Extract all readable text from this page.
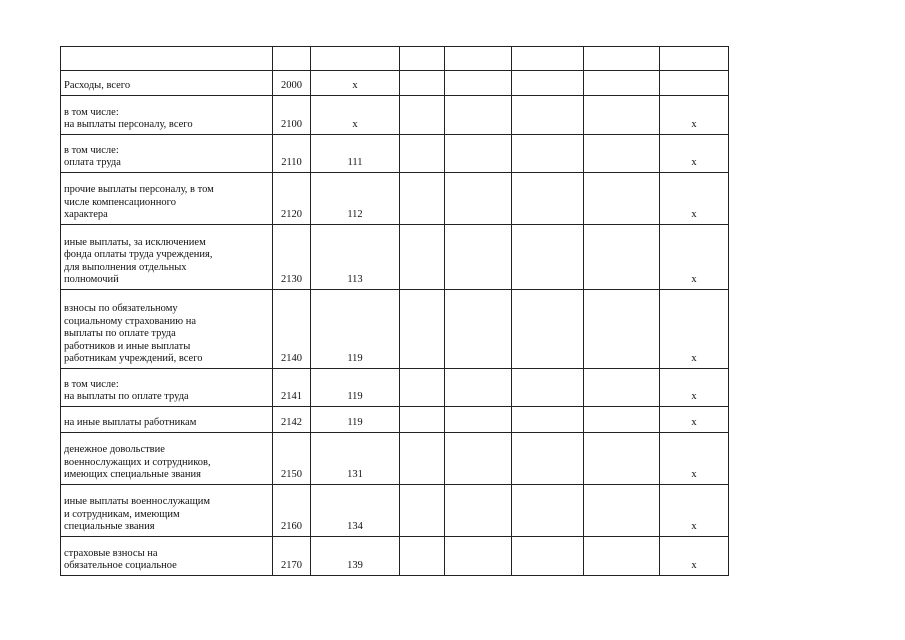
Расходы, всего	2000	x					

в том числе:
на выплаты персоналу, всего	2100	x					x

в том числе:
оплата труда	2110	111					x

прочие выплаты персоналу, в том
числе компенсационного
характера	2120	112					x

иные выплаты, за исключением
фонда оплаты труда учреждения,
для выполнения отдельных
полномочий	2130	113					x

взносы по обязательному
социальному страхованию на
выплаты по оплате труда
работников и иные выплаты
работникам учреждений, всего	2140	119					x

в том числе:
на выплаты по оплате труда	2141	119					x

на иные выплаты работникам	2142	119					x

денежное довольствие
военнослужащих и сотрудников,
имеющих специальные звания	2150	131					x

иные выплаты военнослужащим
и сотрудникам, имеющим
специальные звания	2160	134					x

страховые взносы на
обязательное социальное	2170	139					x
